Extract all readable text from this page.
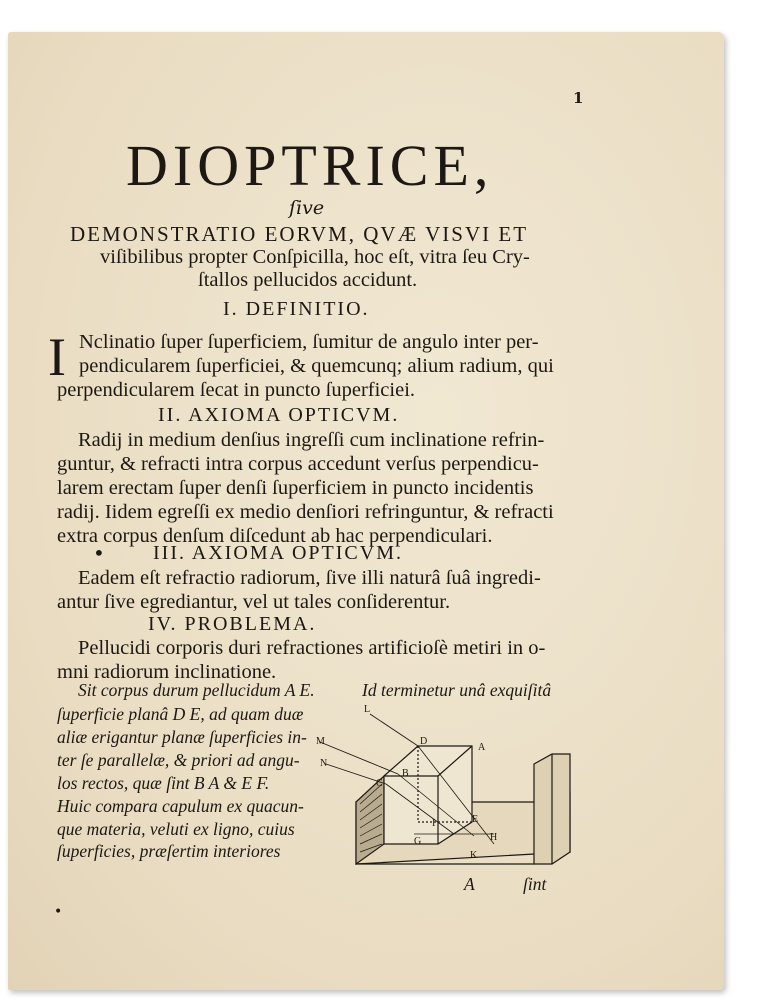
1
DIOPTRICE,
ſive
DEMONSTRATIO EORVM, QVÆ VISVI ET
viſibilibus propter Conſpicilla, hoc eſt, vitra ſeu Cry-
ſtallos pellucidos accidunt.
I. DEFINITIO.
I Nclinatio ſuper ſuperficiem, ſumitur de angulo inter per-
pendicularem ſuperficiei, & quemcunq; alium radium, qui
perpendicularem ſecat in puncto ſuperficiei.
II. AXIOMA OPTICVM.
Radij in medium denſius ingreſſi cum inclinatione refrin-
guntur, & refracti intra corpus accedunt verſus perpendicu-
larem erectam ſuper denſi ſuperficiem in puncto incidentis
radij. Iidem egreſſi ex medio denſiori refringuntur, & refracti
extra corpus denſum diſcedunt ab hac perpendiculari.
• III. AXIOMA OPTICVM.
Eadem eſt refractio radiorum, ſive illi naturâ ſuâ ingredi-
antur ſive egrediantur, vel ut tales conſiderentur.
IV. PROBLEMA.
Pellucidi corporis duri refractiones artificioſè metiri in o-
mni radiorum inclinatione.
Sit corpus durum pellucidum A E.	Id terminetur unâ exquiſitâ
ſuperficie planâ D E, ad quam duæ
aliæ erigantur planæ ſuperficies in-
ter ſe parallelæ, & priori ad angu-
los rectos, quæ ſint B A & E F.
Huic compara capulum ex quacun-
que materia, veluti ex ligno, cuius
ſuperficies, præſertim interiores
L
M
N
D
A
B
C
G
I	E
H
K
A	ſint
•
